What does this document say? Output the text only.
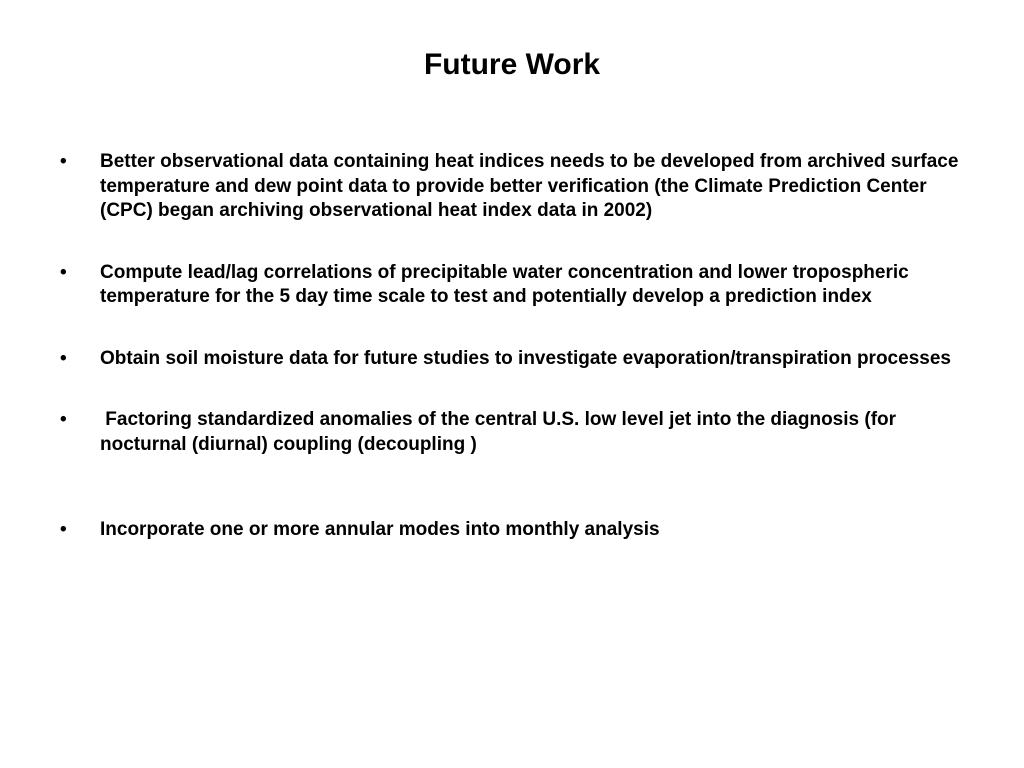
Future Work
•	Better observational data containing heat indices needs to be developed from archived surface temperature and dew point data to provide better verification (the Climate Prediction Center (CPC) began archiving observational heat index data in 2002)
•	Compute lead/lag correlations of precipitable water concentration and lower tropospheric temperature for the 5 day time scale to test and potentially develop a prediction index
•	Obtain soil moisture data for future studies to investigate evaporation/transpiration processes
•	Factoring standardized anomalies of the central U.S. low level jet into the diagnosis (for nocturnal (diurnal) coupling (decoupling )
•	Incorporate one or more annular modes into monthly analysis
